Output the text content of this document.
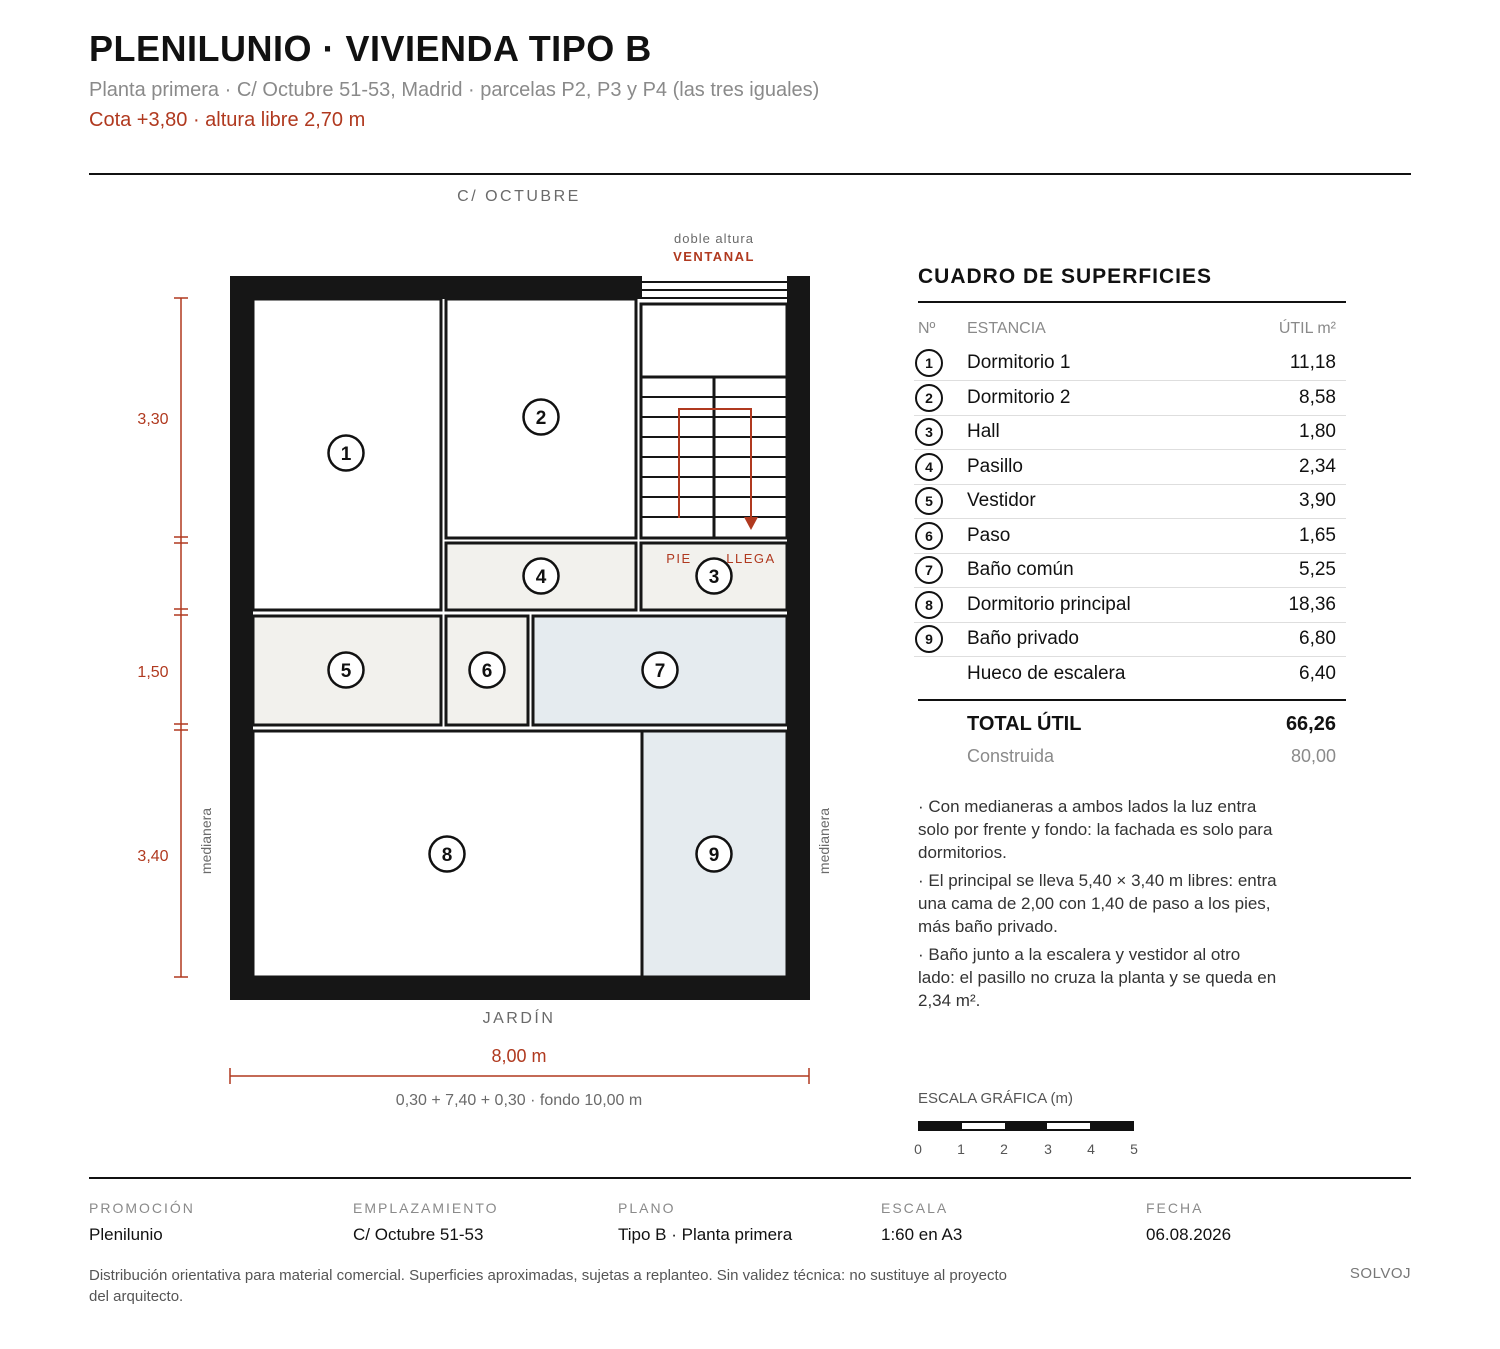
PLENILUNIO · VIVIENDA TIPO B
Planta primera · C/ Octubre 51-53, Madrid · parcelas P2, P3 y P4 (las tres iguales)
Cota +3,80 · altura libre 2,70 m
C/ OCTUBRE
doble altura
VENTANAL
PIE	LLEGA
1
2
3
4
5	6	7
8	9
medianera	medianera
3,30
1,50
3,40
JARDÍN
8,00 m
0,30 + 7,40 + 0,30 · fondo 10,00 m
CUADRO DE SUPERFICIES
Nº ESTANCIA	ÚTIL m²
1	Dormitorio 1	11,18
2	Dormitorio 2	8,58
3	Hall	1,80
4	Pasillo	2,34
5	Vestidor	3,90
6	Paso	1,65
7	Baño común	5,25
8	Dormitorio principal	18,36
9	Baño privado	6,80
Hueco de escalera	6,40
TOTAL ÚTIL	66,26
Construida	80,00

· Con medianeras a ambos lados la luz entra solo por frente y fondo: la fachada es solo para dormitorios.

· El principal se lleva 5,40 × 3,40 m libres: entra una cama de 2,00 con 1,40 de paso a los pies, más baño privado.

· Baño junto a la escalera y vestidor al otro lado: el pasillo no cruza la planta y se queda en 2,34 m².

ESCALA GRÁFICA (m)
0	1	2	3	4	5
PROMOCIÓN
Plenilunio
EMPLAZAMIENTO
C/ Octubre 51-53
PLANO
Tipo B · Planta primera
ESCALA
1:60 en A3
FECHA
06.08.2026
Distribución orientativa para material comercial. Superficies aproximadas, sujetas a replanteo. Sin validez técnica: no sustituye al proyecto del arquitecto.
SOLVOJ
